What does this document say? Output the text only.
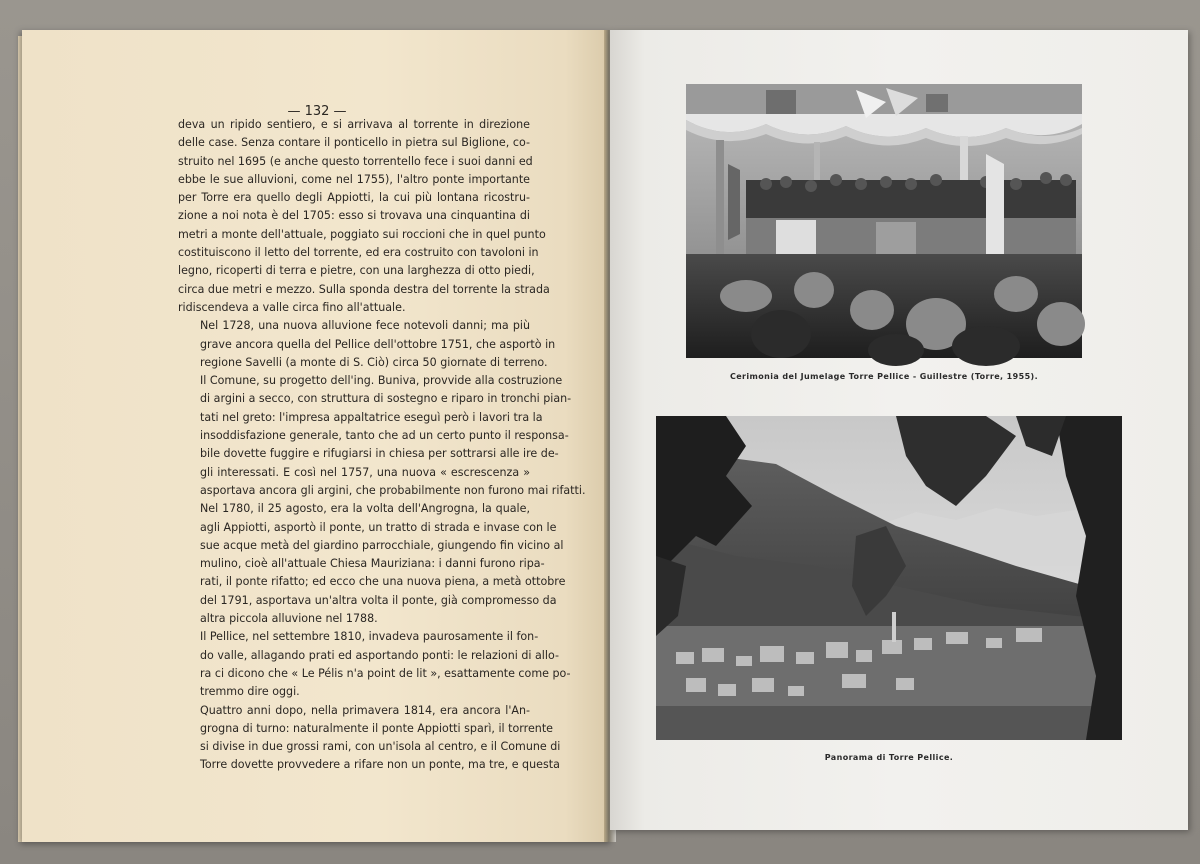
— 132 —

deva un ripido sentiero, e si arrivava al torrente in direzione
delle case. Senza contare il ponticello in pietra sul Biglione, co-
struito nel 1695 (e anche questo torrentello fece i suoi danni ed
ebbe le sue alluvioni, come nel 1755), l'altro ponte importante
per Torre era quello degli Appiotti, la cui più lontana ricostru-
zione a noi nota è del 1705: esso si trovava una cinquantina di
metri a monte dell'attuale, poggiato sui roccioni che in quel punto
costituiscono il letto del torrente, ed era costruito con tavoloni in
legno, ricoperti di terra e pietre, con una larghezza di otto piedi,
circa due metri e mezzo. Sulla sponda destra del torrente la strada
ridiscendeva a valle circa fino all'attuale.

Nel 1728, una nuova alluvione fece notevoli danni; ma più
grave ancora quella del Pellice dell'ottobre 1751, che asportò in
regione Savelli (a monte di S. Ciò) circa 50 giornate di terreno.
Il Comune, su progetto dell'ing. Buniva, provvide alla costruzione
di argini a secco, con struttura di sostegno e riparo in tronchi pian-
tati nel greto: l'impresa appaltatrice eseguì però i lavori tra la
insoddisfazione generale, tanto che ad un certo punto il responsa-
bile dovette fuggire e rifugiarsi in chiesa per sottrarsi alle ire de-
gli interessati. E così nel 1757, una nuova « escrescenza »
asportava ancora gli argini, che probabilmente non furono mai rifatti.

Nel 1780, il 25 agosto, era la volta dell'Angrogna, la quale,
agli Appiotti, asportò il ponte, un tratto di strada e invase con le
sue acque metà del giardino parrocchiale, giungendo fin vicino al
mulino, cioè all'attuale Chiesa Mauriziana: i danni furono ripa-
rati, il ponte rifatto; ed ecco che una nuova piena, a metà ottobre
del 1791, asportava un'altra volta il ponte, già compromesso da
altra piccola alluvione nel 1788.

Il Pellice, nel settembre 1810, invadeva paurosamente il fon-
do valle, allagando prati ed asportando ponti: le relazioni di allo-
ra ci dicono che « Le Pélis n'a point de lit », esattamente come po-
tremmo dire oggi.

Quattro anni dopo, nella primavera 1814, era ancora l'An-
grogna di turno: naturalmente il ponte Appiotti sparì, il torrente
si divise in due grossi rami, con un'isola al centro, e il Comune di
Torre dovette provvedere a rifare non un ponte, ma tre, e questa

Cerimonia del Jumelage Torre Pellice - Guillestre (Torre, 1955).
Panorama di Torre Pellice.
